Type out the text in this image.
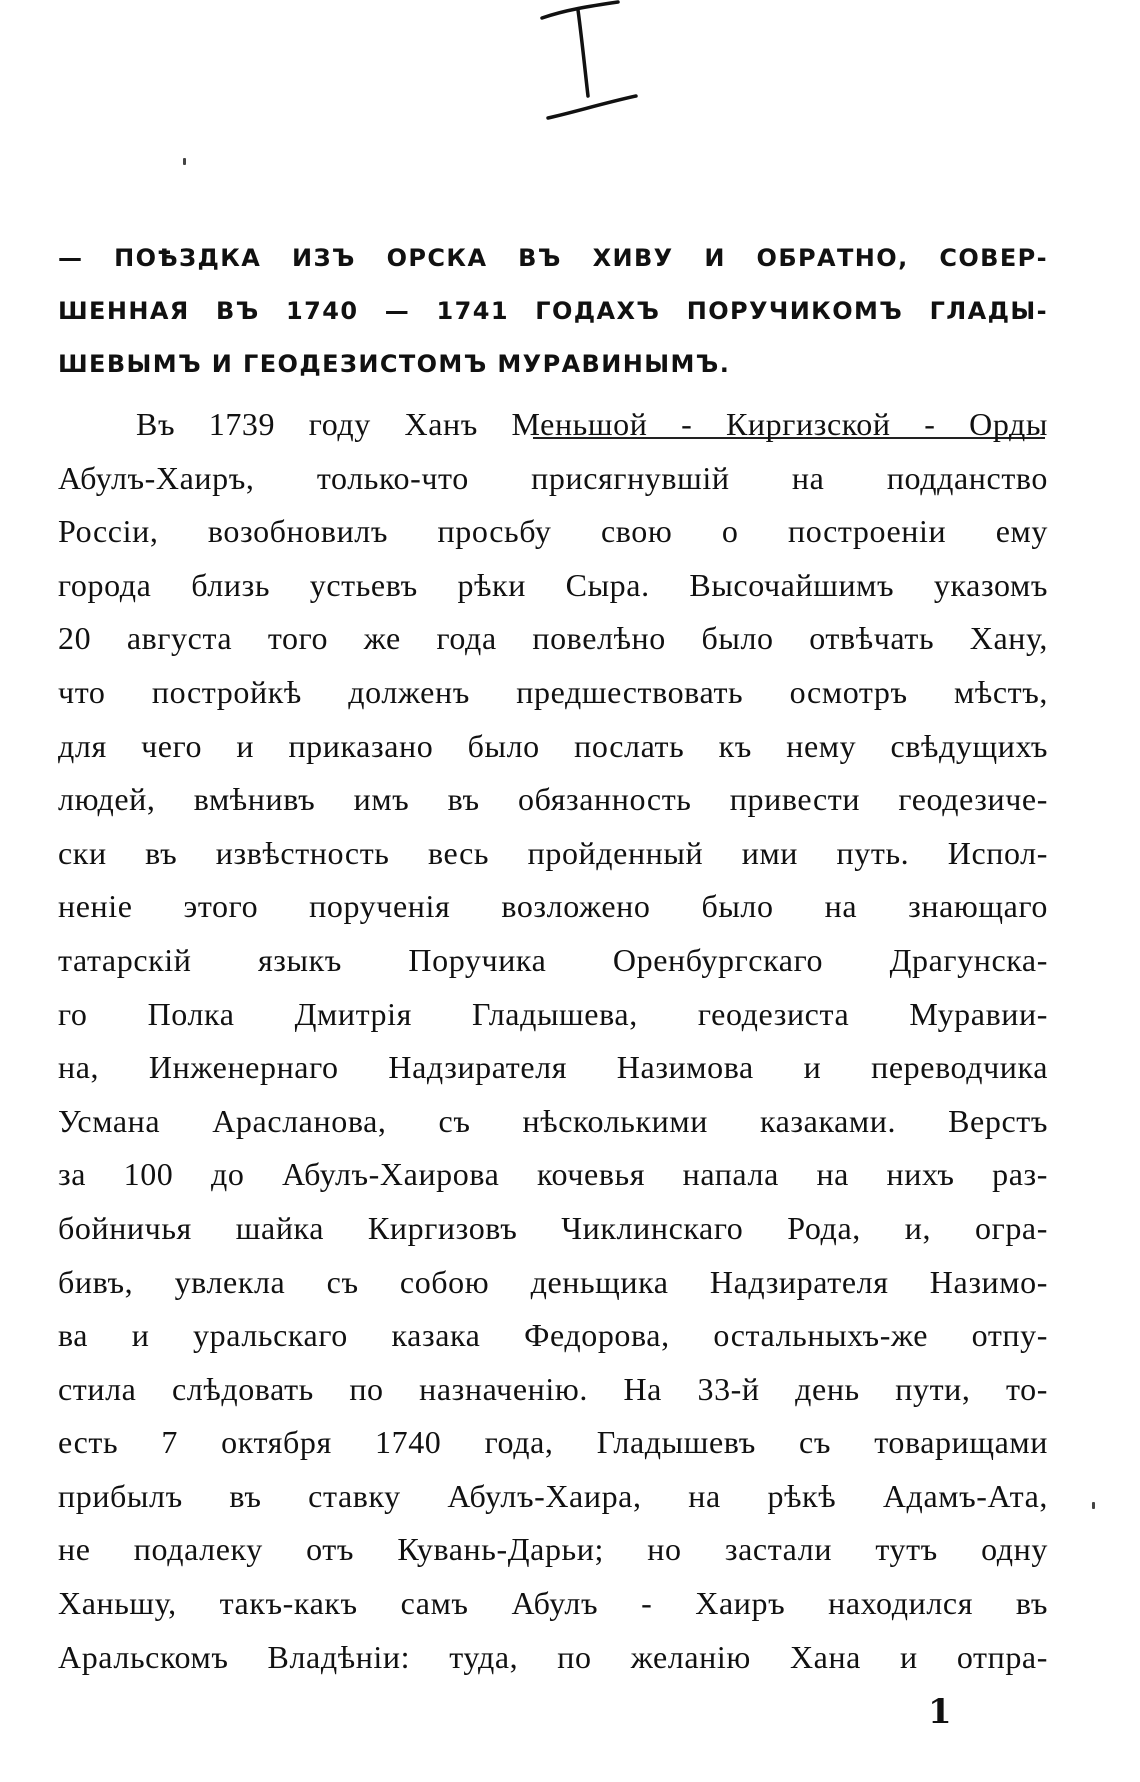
— ПОѢЗДКА ИЗЪ ОРСКА ВЪ ХИВУ И ОБРАТНО, СОВЕР-
ШЕННАЯ ВЪ 1740 — 1741 ГОДАХЪ ПОРУЧИКОМЪ ГЛАДЫ-
ШЕВЫМЪ И ГЕОДЕЗИСТОМЪ МУРАВИНЫМЪ.
Въ 1739 году Ханъ Меньшой - Киргизской - Орды
Абулъ-Хаиръ, только-что присягнувшій на подданство
Россіи, возобновилъ просьбу свою о построеніи ему
города близь устьевъ рѣки Сыра. Высочайшимъ указомъ
20 августа того же года повелѣно было отвѣчать Хану,
что постройкѣ долженъ предшествовать осмотръ мѣстъ,
для чего и приказано было послать къ нему свѣдущихъ
людей, вмѣнивъ имъ въ обязанность привести геодезиче-
ски въ извѣстность весь пройденный ими путь. Испол-
неніе этого порученія возложено было на знающаго
татарскій языкъ Поручика Оренбургскаго Драгунска-
го Полка Дмитрія Гладышева, геодезиста Муравии-
на, Инженернаго Надзирателя Назимова и переводчика
Усмана Арасланова, съ нѣсколькими казаками. Верстъ
за 100 до Абулъ-Хаирова кочевья напала на нихъ раз-
бойничья шайка Киргизовъ Чиклинскаго Рода, и, огра-
бивъ, увлекла съ собою деньщика Надзирателя Назимо-
ва и уральскаго казака Федорова, остальныхъ-же отпу-
стила слѣдовать по назначенію. На 33-й день пути, то-
есть 7 октября 1740 года, Гладышевъ съ товарищами
прибылъ въ ставку Абулъ-Хаира, на рѣкѣ Адамъ-Ата,
не подалеку отъ Кувань-Дарьи; но застали тутъ одну
Ханьшу, такъ-какъ самъ Абулъ - Хаиръ находился въ
Аральскомъ Владѣніи: туда, по желанію Хана и отпра-
1
